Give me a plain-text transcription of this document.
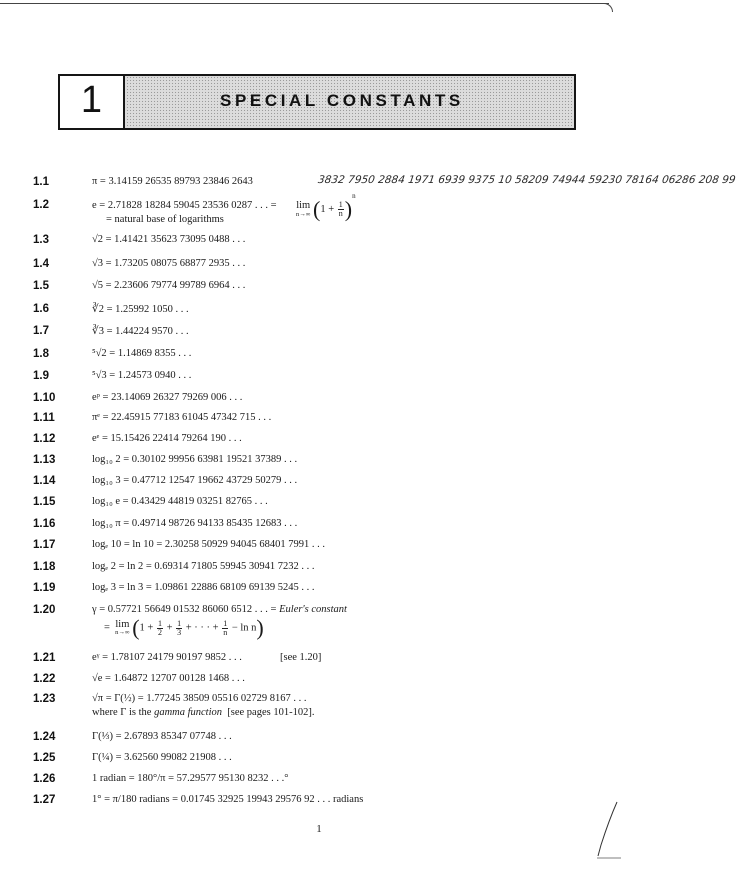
1	SPECIAL CONSTANTS
1.1	π = 3.14159 26535 89793 23846 2643	3832 7950 2884 1971 6939 9375 10 58209 74944 59230 78164 06286 208 99
1.2	e = 2.71828 18284 59045 23536 0287 . . . = lim
n→∞ $(1 + \frac{1}{n} )^n$
= natural base of logarithms
1.3	√2 = 1.41421 35623 73095 0488 . . .
1.4	√3 = 1.73205 08075 68877 2935 . . .
1.5	√5 = 2.23606 79774 99789 6964 . . .
1.6	∛2 = 1.25992 1050 . . .
1.7	∛3 = 1.44224 9570 . . .
1.8	⁵√2 = 1.14869 8355 . . .
1.9	⁵√3 = 1.24573 0940 . . .
1.10	eᵖ = 23.14069 26327 79269 006 . . .
1.11	πᵉ = 22.45915 77183 61045 47342 715 . . .
1.12	eᵉ = 15.15426 22414 79264 190 . . .
1.13	log₁₀ 2 = 0.30102 99956 63981 19521 37389 . . .
1.14	log₁₀ 3 = 0.47712 12547 19662 43729 50279 . . .
1.15	log₁₀ e = 0.43429 44819 03251 82765 . . .
1.16	log₁₀ π = 0.49714 98726 94133 85435 12683 . . .
1.17	logₑ 10 = ln 10 = 2.30258 50929 94045 68401 7991 . . .
1.18	logₑ 2 = ln 2 = 0.69314 71805 59945 30941 7232 . . .
1.19	logₑ 3 = ln 3 = 1.09861 22886 68109 69139 5245 . . .
1.20	γ = 0.57721 56649 01532 86060 6512 . . . = Euler's constant
= lim
n→∞ ($1 + \frac{1}{2} + \frac{1}{3}$ + · · · + $\frac{1}{n} - \ln n$)
1.21	eᵞ = 1.78107 24179 90197 9852 . . .	[see 1.20]
1.22	√e = 1.64872 12707 00128 1468 . . .
1.23	√π = Γ(½) = 1.77245 38509 05516 02729 8167 . . .
where Γ is the gamma function [see pages 101-102].
1.24	Γ(⅓) = 2.67893 85347 07748 . . .
1.25	Γ(¼) = 3.62560 99082 21908 . . .
1.26	1 radian = 180°/π = 57.29577 95130 8232 . . .°
1.27	1° = π/180 radians = 0.01745 32925 19943 29576 92 . . . radians
1
